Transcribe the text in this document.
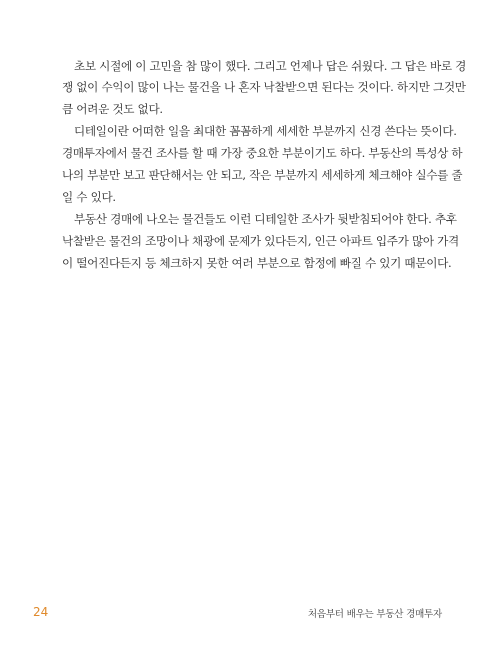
초보 시절에 이 고민을 참 많이 했다. 그리고 언제나 답은 쉬웠다. 그 답은 바로 경
쟁 없이 수익이 많이 나는 물건을 나 혼자 낙찰받으면 된다는 것이다. 하지만 그것만
큼 어려운 것도 없다.
디테일이란 어떠한 일을 최대한 꼼꼼하게 세세한 부분까지 신경 쓴다는 뜻이다.
경매투자에서 물건 조사를 할 때 가장 중요한 부분이기도 하다. 부동산의 특성상 하
나의 부분만 보고 판단해서는 안 되고, 작은 부분까지 세세하게 체크해야 실수를 줄
일 수 있다.
부동산 경매에 나오는 물건들도 이런 디테일한 조사가 뒷받침되어야 한다. 추후
낙찰받은 물건의 조망이나 채광에 문제가 있다든지, 인근 아파트 입주가 많아 가격
이 떨어진다든지 등 체크하지 못한 여러 부분으로 함정에 빠질 수 있기 때문이다.
24	처음부터 배우는 부동산 경매투자
